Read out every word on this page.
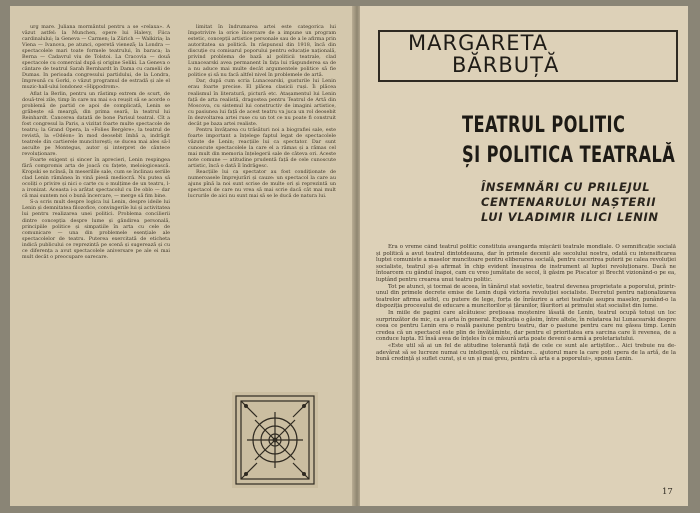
urg mare. Juliana mormântul pentru a se «relaxa». A văzut astfel: la Munchen, opere lui Halevy, Fiica cardinalului; la Geneva — Carmen; la Zürich — Walkiria; la Viena — Ivanova, pe atunci, operetă vienezã; la Londra — spectacolele mari toate formele teatrului, în baraca; la Berna — Cadavrul viu de Tolstoi. La Cracovia — două spectacole cu comercial după și origine Seliki. La Geneva o cântare de teatrul Sarah Bernhardt în Dama cu camelii de Dumas. In perioada congresului partidului, de la Londra, împreună cu Gorki, o văzut programul de estradă și ale el muzic-hall-ului londonez «Hippodrom».

Aflat la Berlin, pentru un răstimp extrem de scurt, de două-trei zile, timp în care nu mai s-a reușit să se acorde o problemă de partid ce apoi de complicată, Lenin se grăbește să meargă, din prima seară, la teatrul lui Reinhardt. Cancerea datată de bone Parisul teatral. Cît a fost congresul la Paris, a vizitat foarte multe spectacole de teatru; la Grand Opera, la «Folies Bergère», la teatrul de revistă, la «Odéon» în mod deosebit îmbă a, indrăgit teatrele din cartierele muncitorești; se ducea mai ales să-l asculte pe Montegus, autor și interpret de cântece revoluționare.

Foarte exigent și sincer în aprecieri, Lenin respingea fără compromis arta de joacă cu fațete, meloiogicească. Kropski se ncînsă, în meserilile sale, cum se înclinau seriile clad Lenin rămânea în vină piesă mediocră. Nu putea să ocoliți o privire și nici o carte cu o mulțime de un teatru, l-a ironizat. Aceasta i-a arătat spectacolul cu De oblo — dar că mai suntem noi o bună încercare, — merge să fim bine.

S-a scris mult despre logica lui Lenin, despre ideile lui Lenin și demnitatea filozofice, convingerile lui și activitatea lui pentru realizarea unei politici. Problema concilierii dintre concepția despre lume și gândirea personală, principiile politice și simpatiile în arta cu cele de comunicare — una din problemele esențiale ale spectacolelor de teatru. Puterea exercitată de eticheta indică publicului ce reprezintă pe scenă și sugerează și cu ce diferența a avut spectacolele aniversare pe ale ei mai mult decât o preocupare oarecare.

limitat în îndrumarea artei este categorica lui împotrivire la orice încercare de a impune un program estetic, concepții artistice personale sau de a le afirma prin autoritatea sa politică. In răspunsul din 1918, încă din discuție cu comisarul poporului pentru educație națională, privind problema de bază al politicii teatrale, clad Lunacearski avea permanent în fața lui răspunderea sa de a nu aduce mai multe decât argumentele politice să fie politice și să nu facă altfel nivel în problemele de artă.

Dar, după cum scria Lunacearski, gusturile lui Lenin erau foarte precise. El plăcea clasicii ruși. Îi plăcea realismul în literatură, pictură etc. Atașamentul lui Lenin față de arta realistă, dragostea pentru Teatrul de Artă din Moscova, cu sistemul lui constructiv de imagini artistice, cu pasiunea lui față de acest teatru va juca un rol deosebit în dezvoltarea artei ruse cu un tot ce nu poate fi construit decât pe baza artei realiste.

Pentru învățarea cu trăsături noi a biografiei sale, este foarte important a înțelege faptul legat de spectacolele văzute de Lenin; reacțiile lui ca spectator. Dar sunt cunoscute spectacolele la care el a rămas și a rămas cel mai mult din memoria înțelegerii sale de câteva ori. Aceste note comune — atitudine prudentă față de cele cunoscute artistic, încă o dată îl îndrăgesc.

Reacțiile lui ca spectator au fost condiționate de numeroasele împrejurări și cauze: un spectacol la care au ajuns pînă la noi sunt scrise de multe ori și reprezintă un spectacol de care nu vrea să mai scrie dacă cât mai mult lucrurile de aici nu sunt mai să se le ducă de natura lui.

MARGARETA
BĂRBUȚĂ
TEATRUL POLITIC
ȘI POLITICA TEATRALĂ
ÎNSEMNĂRI CU PRILEJUL
CENTENARULUI NAȘTERII
LUI VLADIMIR ILICI LENIN

Era o vreme când teatrul politic constituia avangarda mișcării teatrale mondiale. O semnificație socială și politică a avut teatrul dintotdeauna, dar în primele decenii ale secolului nostru, odată cu intensificarea luptei comuniste a maselor muncitoare pentru eliberarea socială, pentru cucerirea puterii pe calea revoluției socialiste, teatrul și-a afirmat în chip evident însușirea de instrument al luptei revoluționare. Dacă ne întoarcem cu gândul înapoi, cam cu vreo jumătate de secol, îi găsim pe Piscator și Brecht vizionând-o pe ea, luptând pentru crearea unui teatru politic.

Tot pe atunci, și tocmai de aceea, în tânărul stat sovietic, teatrul devenea proprietate a poporului, printr-unul din primele decrete emise de Lenin după victoria revoluției socialiste. Decretul pentru naționalizarea teatrelor afirma astfel, cu putere de lege, forța de înrâurire a artei teatrale asupra maselor, punând-o la dispoziția procesului de educare a muncitorilor și țăranilor, făuritori ai primului stat socialist din lume.

In miile de pagini care alcătuiesc prețioasa moștenire lăsată de Lenin, teatrul ocupă totuși un loc surprinzător de mic, ca și arta în general. Explicația o găsim, între altele, în relatarea lui Lunacearski despre ceea ce pentru Lenin era o reală pasiune pentru teatru, dar o pasiune pentru care nu găsea timp. Lenin credea că un spectacol este plin de învățăminte, dar pentru el prioritatea era sarcina care îi revenea, de a conduce lupta. El însă avea de înțeles în ce măsură arta poate deveni o armă a proletariatului.

«Este util să ai un fel de atitudine tolerantă față de cele ce sunt ale artiștilor... Aici trebuie nu de-adevărat să se lucreze numai cu inteligență, cu răbdare... ajutorul mare la care poți spera de la artă, de la bună credință și suflet curat, și e un și mai greu, pentru că arta e a poporului», spunea Lenin.

17
